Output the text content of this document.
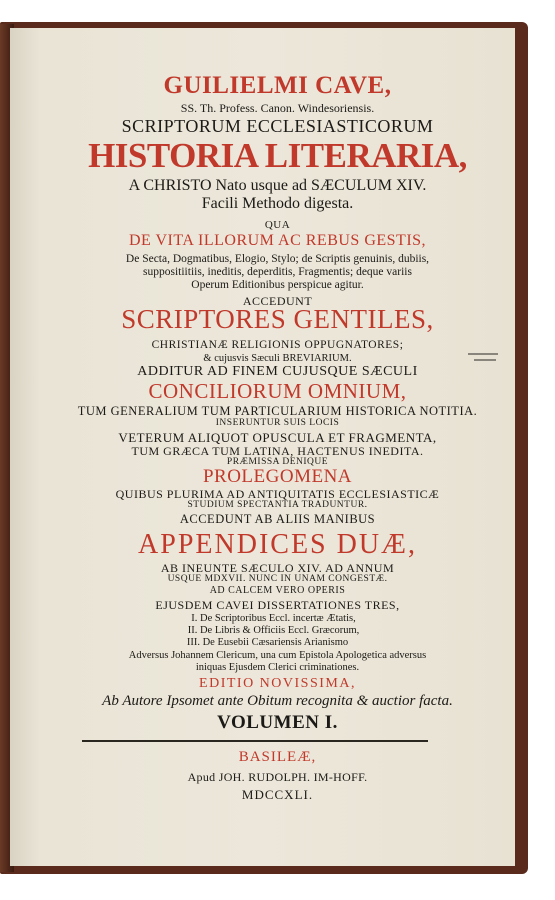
GUILIELMI CAVE,
SS. Th. Profess. Canon. Windesoriensis.
SCRIPTORUM ECCLESIASTICORUM
HISTORIA LITERARIA,
A CHRISTO Nato usque ad SÆCULUM XIV.
Facili Methodo digesta.
QUA
DE VITA ILLORUM AC REBUS GESTIS,
De Secta, Dogmatibus, Elogio, Stylo; de Scriptis genuinis, dubiis,
suppositiitiis, ineditis, deperditis, Fragmentis; deque variis
Operum Editionibus perspicue agitur.
ACCEDUNT
SCRIPTORES GENTILES,
CHRISTIANÆ RELIGIONIS OPPUGNATORES;
& cujusvis Sæculi BREVIARIUM.
ADDITUR AD FINEM CUJUSQUE SÆCULI
CONCILIORUM OMNIUM,
TUM GENERALIUM TUM PARTICULARIUM HISTORICA NOTITIA.
INSERUNTUR SUIS LOCIS
VETERUM ALIQUOT OPUSCULA ET FRAGMENTA,
TUM GRÆCA TUM LATINA, HACTENUS INEDITA.
PRÆMISSA DENIQUE
PROLEGOMENA
QUIBUS PLURIMA AD ANTIQUITATIS ECCLESIASTICÆ
STUDIUM SPECTANTIA TRADUNTUR.
ACCEDUNT AB ALIIS MANIBUS
APPENDICES DUÆ,
AB INEUNTE SÆCULO XIV. AD ANNUM
USQUE MDXVII. NUNC IN UNAM CONGESTÆ.
AD CALCEM VERO OPERIS
EJUSDEM CAVEI DISSERTATIONES TRES,
I. De Scriptoribus Eccl. incertæ Ætatis,
II. De Libris & Officiis Eccl. Græcorum,
III. De Eusebii Cæsariensis Arianismo
Adversus Johannem Clericum, una cum Epistola Apologetica adversus
iniquas Ejusdem Clerici criminationes.
EDITIO NOVISSIMA,
Ab Autore Ipsomet ante Obitum recognita & auctior facta.
VOLUMEN I.
BASILEÆ,
Apud JOH. RUDOLPH. IM-HOFF.
MDCCXLI.
